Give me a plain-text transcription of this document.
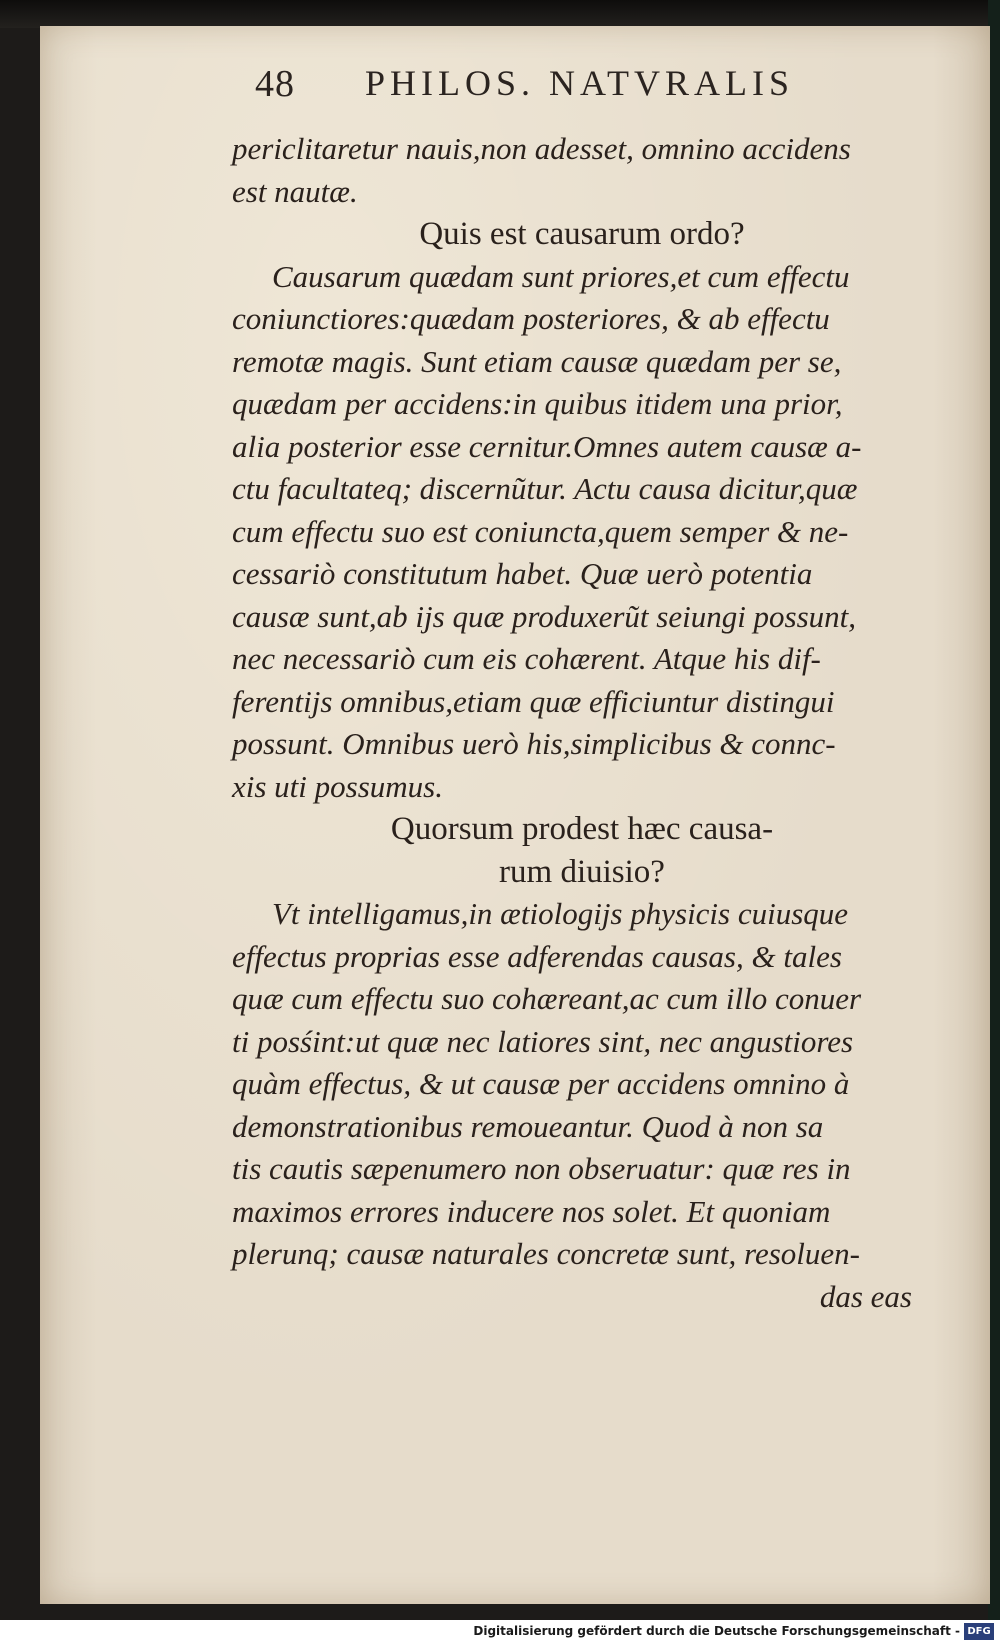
48 PHILOS. NATVRALIS
periclitaretur nauis,non adesset, omnino accidens
est nautæ.
Quis est causarum ordo?
Causarum quædam sunt priores,et cum effectu
coniunctiores:quædam posteriores, & ab effectu
remotæ magis. Sunt etiam causæ quædam per se,
quædam per accidens:in quibus itidem una prior,
alia posterior esse cernitur.Omnes autem causæ a-
ctu facultateq; discernũtur. Actu causa dicitur,quæ
cum effectu suo est coniuncta,quem semper & ne-
cessariò constitutum habet. Quæ uerò potentia
causæ sunt,ab ijs quæ produxerũt seiungi possunt,
nec necessariò cum eis cohærent. Atque his dif-
ferentijs omnibus,etiam quæ efficiuntur distingui
possunt. Omnibus uerò his,simplicibus & connc-
xis uti possumus.
Quorsum prodest hæc causa-
rum diuisio?
Vt intelligamus,in ætiologijs physicis cuiusque
effectus proprias esse adferendas causas, & tales
quæ cum effectu suo cohæreant,ac cum illo conuer
ti posśint:ut quæ nec latiores sint, nec angustiores
quàm effectus, & ut causæ per accidens omnino à
demonstrationibus remoueantur. Quod à non sa
tis cautis sæpenumero non obseruatur: quæ res in
maximos errores inducere nos solet. Et quoniam
plerunq; causæ naturales concretæ sunt, resoluen-
das eas
Digitalisierung gefördert durch die Deutsche Forschungsgemeinschaft - DFG
